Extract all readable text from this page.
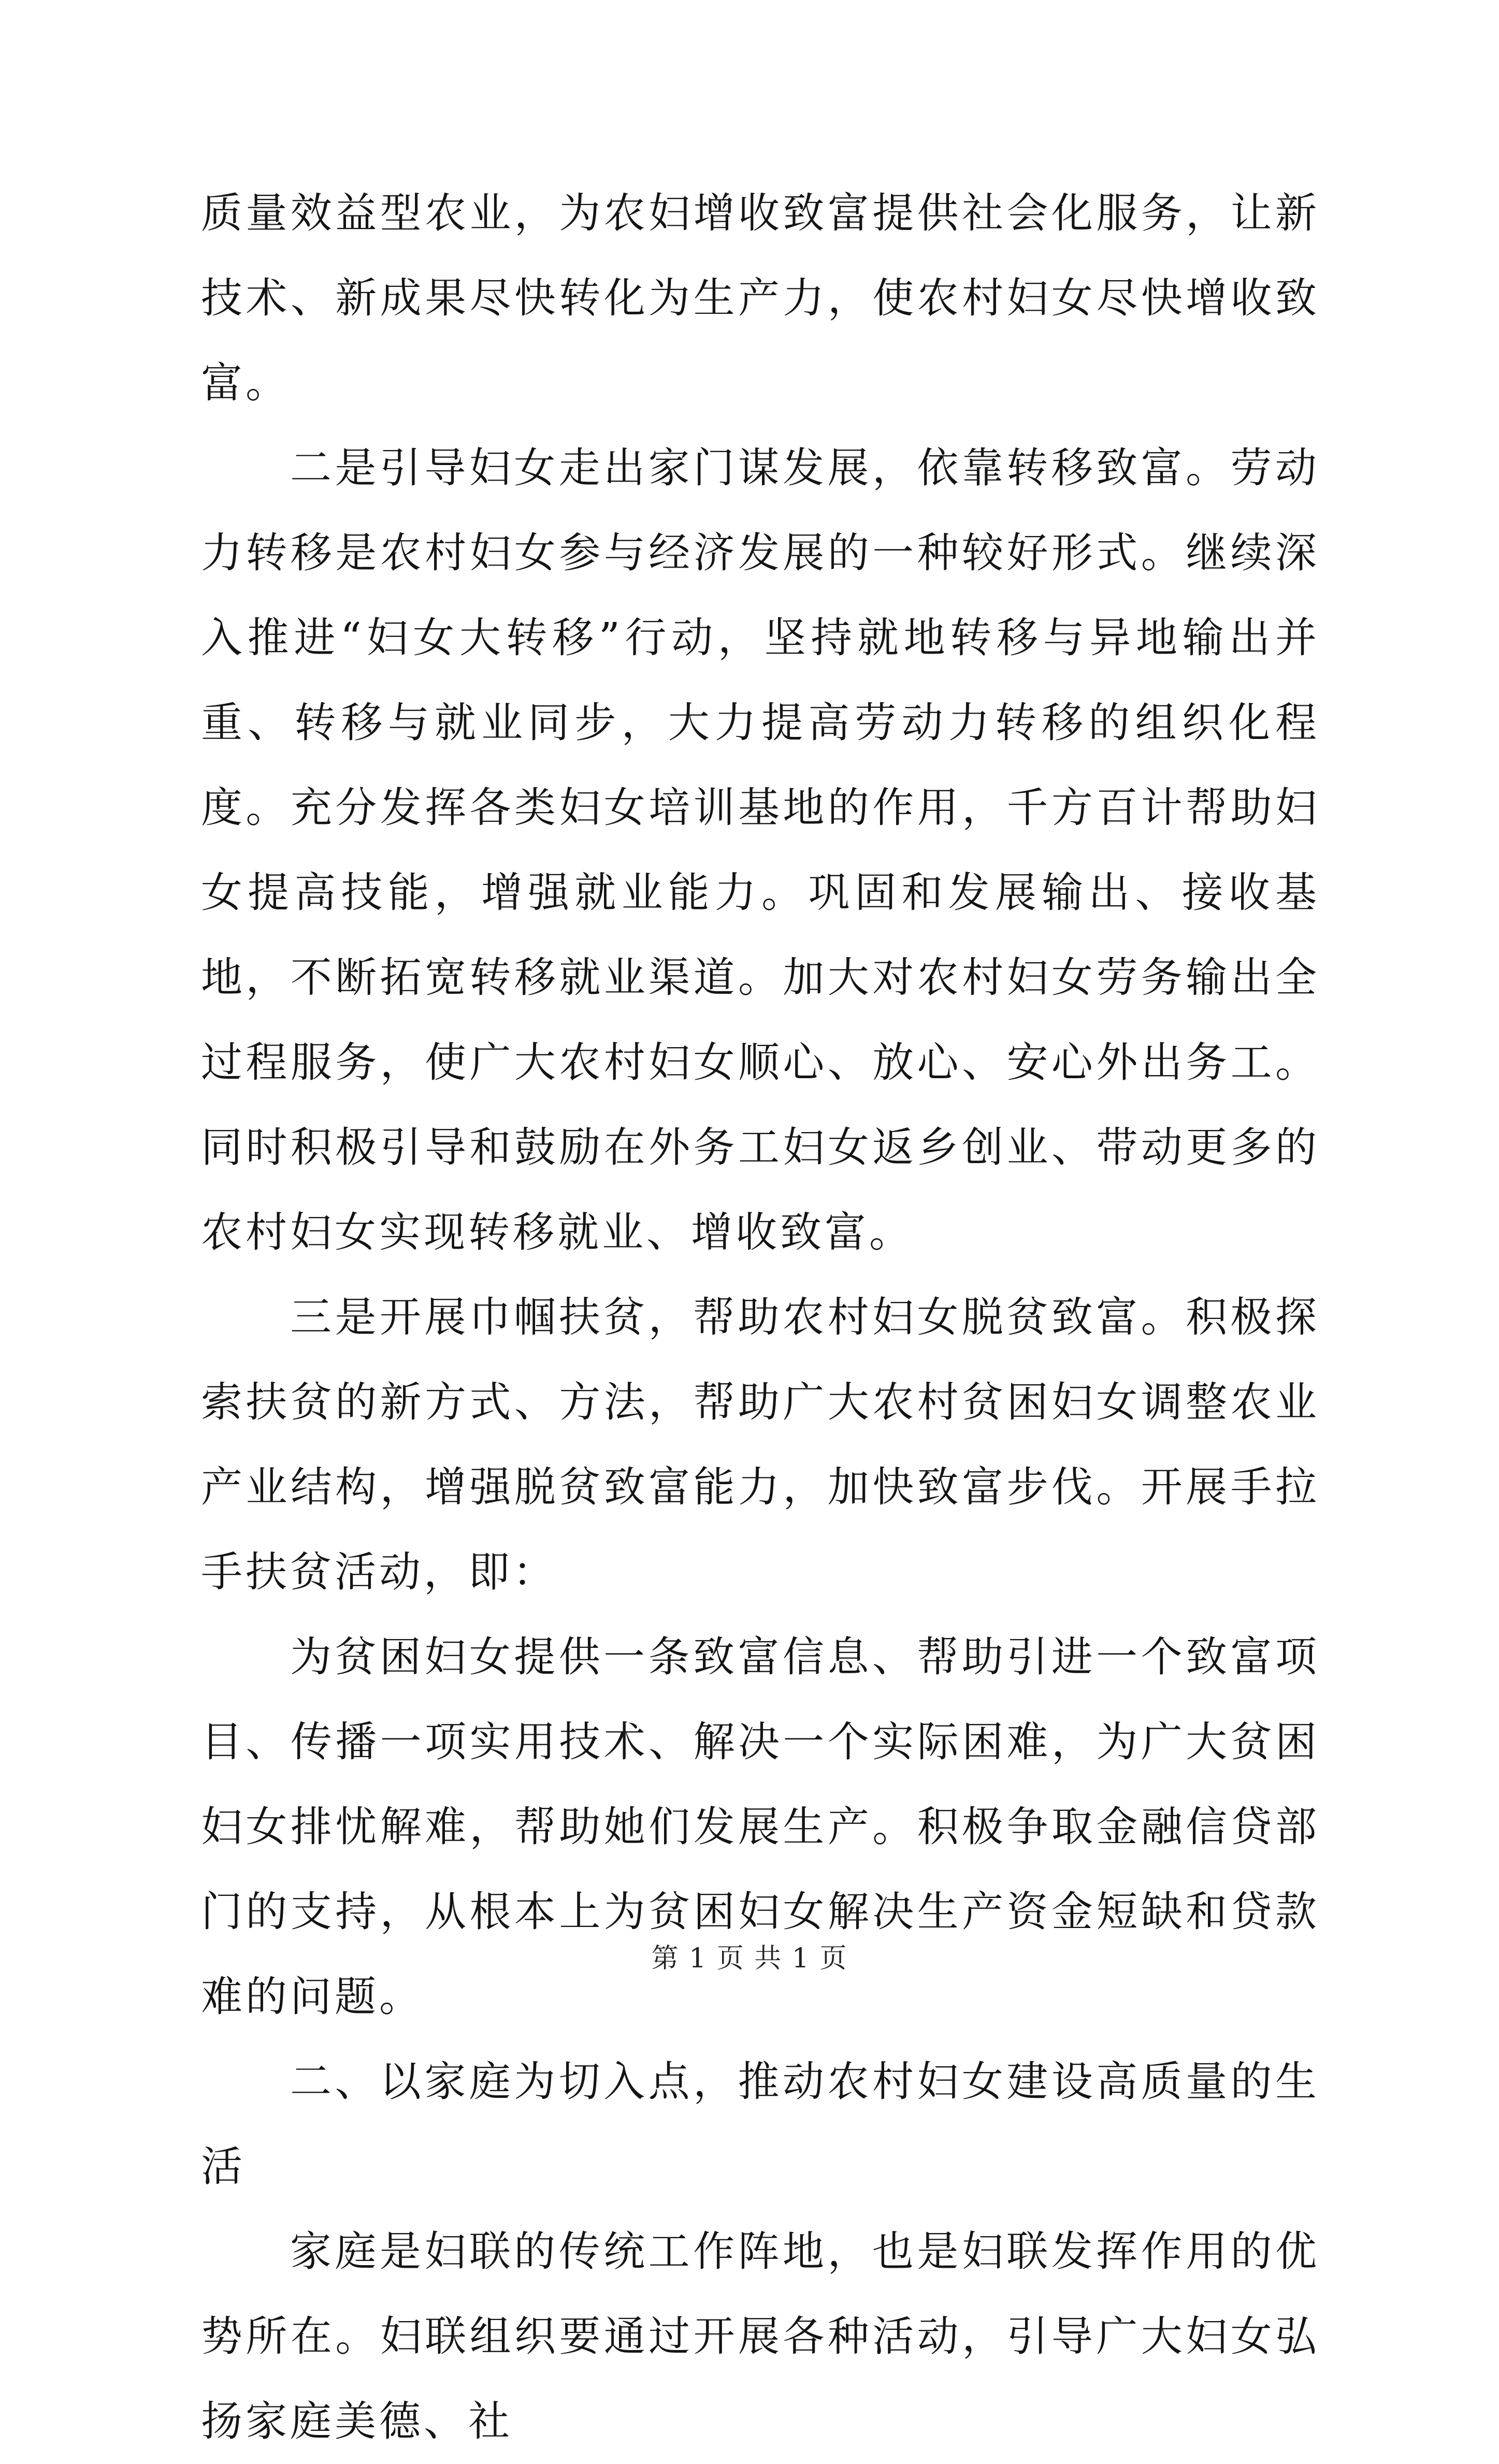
质量效益型农业，为农妇增收致富提供社会化服务，让新技术、新成果尽快转化为生产力，使农村妇女尽快增收致富。

二是引导妇女走出家门谋发展，依靠转移致富。劳动力转移是农村妇女参与经济发展的一种较好形式。继续深入推进“妇女大转移”行动，坚持就地转移与异地输出并重、转移与就业同步，大力提高劳动力转移的组织化程度。充分发挥各类妇女培训基地的作用，千方百计帮助妇女提高技能，增强就业能力。巩固和发展输出、接收基地，不断拓宽转移就业渠道。加大对农村妇女劳务输出全过程服务，使广大农村妇女顺心、放心、安心外出务工。同时积极引导和鼓励在外务工妇女返乡创业、带动更多的农村妇女实现转移就业、增收致富。

三是开展巾帼扶贫，帮助农村妇女脱贫致富。积极探索扶贫的新方式、方法，帮助广大农村贫困妇女调整农业产业结构，增强脱贫致富能力，加快致富步伐。开展手拉手扶贫活动，即：

为贫困妇女提供一条致富信息、帮助引进一个致富项目、传播一项实用技术、解决一个实际困难，为广大贫困妇女排忧解难，帮助她们发展生产。积极争取金融信贷部门的支持，从根本上为贫困妇女解决生产资金短缺和贷款难的问题。

二、以家庭为切入点，推动农村妇女建设高质量的生活

家庭是妇联的传统工作阵地，也是妇联发挥作用的优势所在。妇联组织要通过开展各种活动，引导广大妇女弘扬家庭美德、社

第 1 页 共 1 页
